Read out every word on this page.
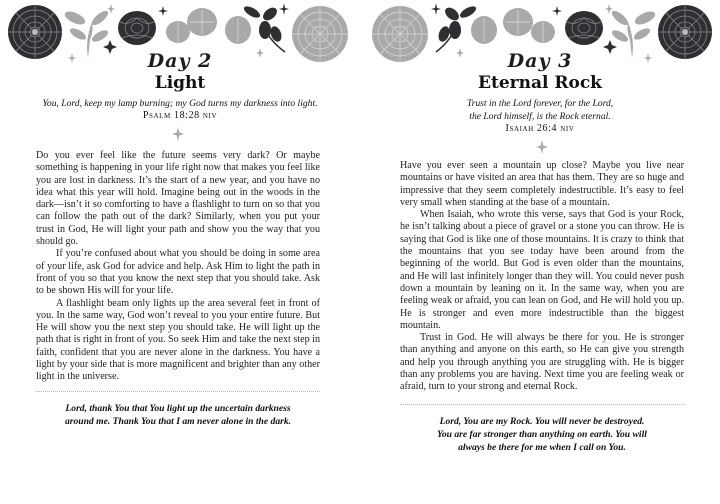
Day 2
Light
You, Lord, keep my lamp burning; my God turns my darkness into light.
Psalm 18:28 niv

Do you ever feel like the future seems very dark? Or maybe something is happening in your life right now that makes you feel like you are lost in darkness. It’s the start of a new year, and you have no idea what this year will hold. Imagine being out in the woods in the dark—isn’t it so comforting to have a flashlight to turn on so that you can follow the path out of the dark? Similarly, when you put your trust in God, He will light your path and show you the way that you should go.

If you’re confused about what you should be doing in some area of your life, ask God for advice and help. Ask Him to light the path in front of you so that you know the next step that you should take. Ask to be shown His will for your life.

A flashlight beam only lights up the area several feet in front of you. In the same way, God won’t reveal to you your entire future. But He will show you the next step you should take. He will light up the path that is right in front of you. So seek Him and take the next step in faith, confident that you are never alone in the darkness. You have a light by your side that is more magnificent and brighter than any other light in the universe.

Lord, thank You that You light up the uncertain darkness
around me. Thank You that I am never alone in the dark.
Day 3
Eternal Rock
Trust in the Lord forever, for the Lord,
the Lord himself, is the Rock eternal.
Isaiah 26:4 niv

Have you ever seen a mountain up close? Maybe you live near mountains or have visited an area that has them. They are so huge and impressive that they seem completely indestructible. It’s easy to feel very small when standing at the base of a mountain.

When Isaiah, who wrote this verse, says that God is your Rock, he isn’t talking about a piece of gravel or a stone you can throw. He is saying that God is like one of those mountains. It is crazy to think that the mountains that you see today have been around from the beginning of the world. But God is even older than the mountains, and He will last infinitely longer than they will. You could never push down a mountain by leaning on it. In the same way, when you are feeling weak or afraid, you can lean on God, and He will hold you up. He is stronger and even more indestructible than the biggest mountain.

Trust in God. He will always be there for you. He is stronger than anything and anyone on this earth, so He can give you strength and help you through anything you are struggling with. He is bigger than any problems you are having. Next time you are feeling weak or afraid, turn to your strong and eternal Rock.

Lord, You are my Rock. You will never be destroyed.
You are far stronger than anything on earth. You will
always be there for me when I call on You.
